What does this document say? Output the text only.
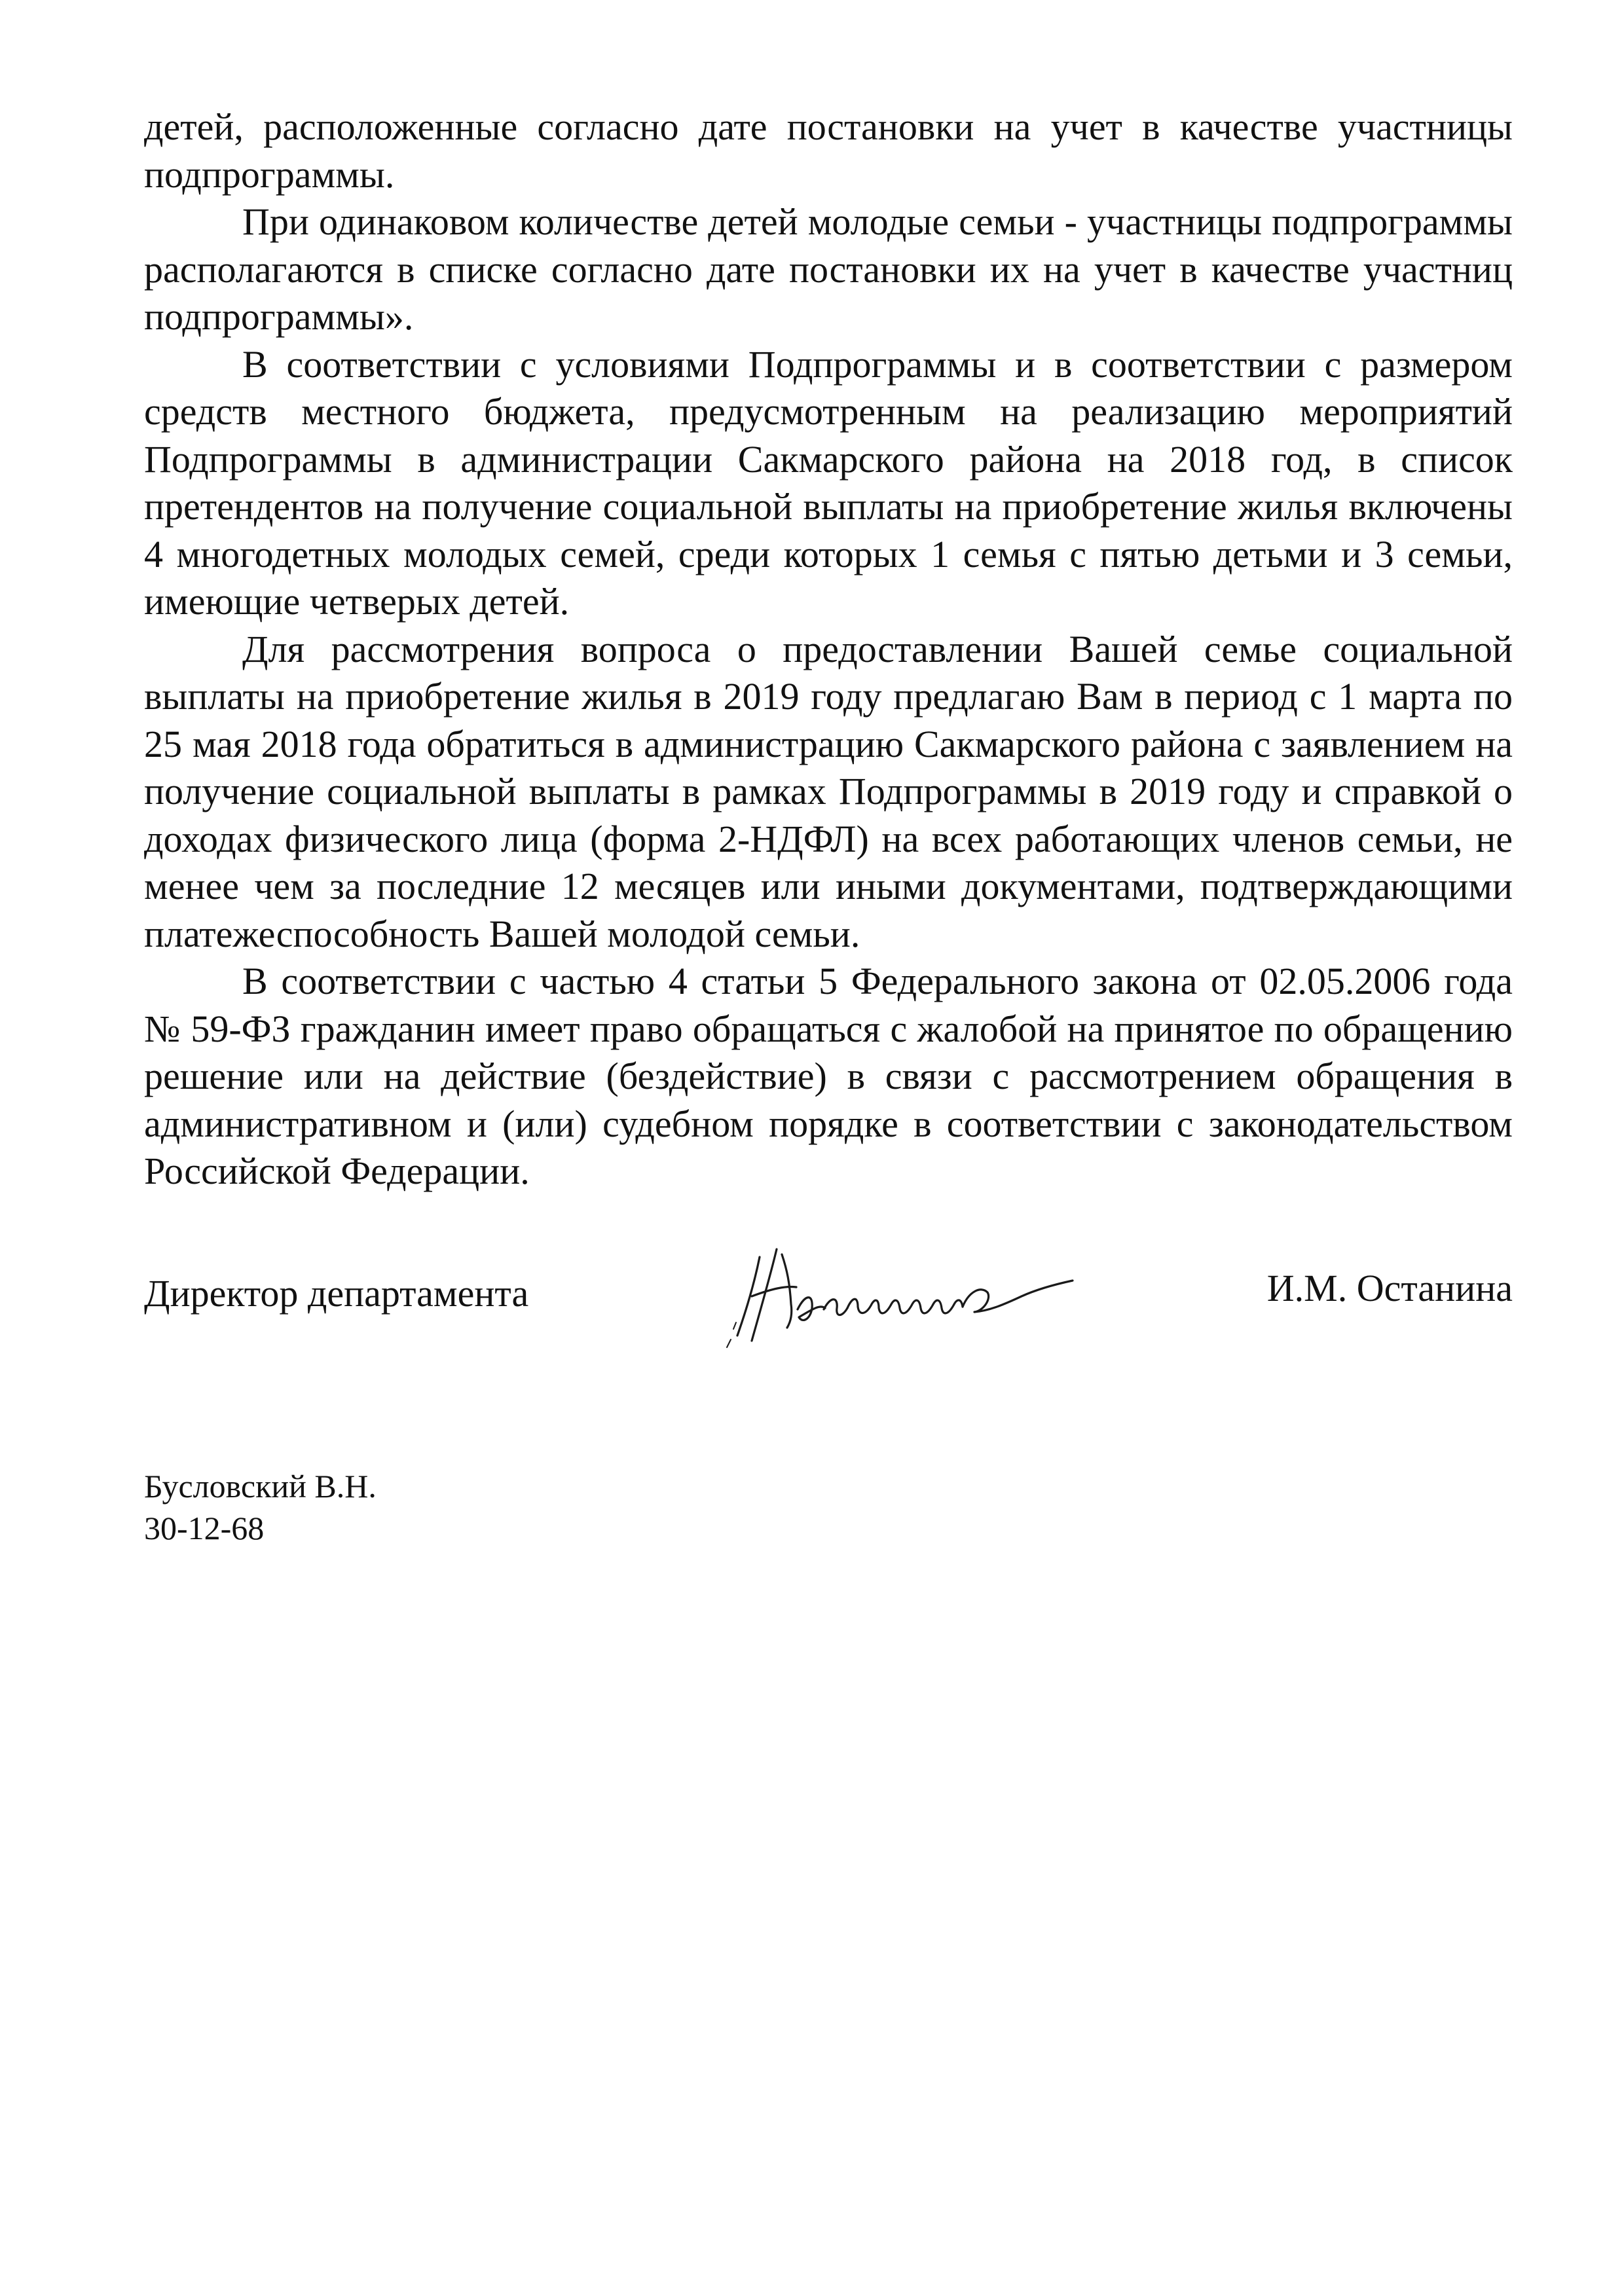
детей, расположенные согласно дате постановки на учет в качестве участницы подпрограммы.

При одинаковом количестве детей молодые семьи - участницы подпрограммы располагаются в списке согласно дате постановки их на учет в качестве участниц подпрограммы».

В соответствии с условиями Подпрограммы и в соответствии с размером средств местного бюджета, предусмотренным на реализацию мероприятий Подпрограммы в администрации Сакмарского района на 2018 год, в список претендентов на получение социальной выплаты на приобретение жилья включены 4 многодетных молодых семей, среди которых 1 семья с пятью детьми и 3 семьи, имеющие четверых детей.

Для рассмотрения вопроса о предоставлении Вашей семье социальной выплаты на приобретение жилья в 2019 году предлагаю Вам в период с 1 марта по 25 мая 2018 года обратиться в администрацию Сакмарского района с заявлением на получение социальной выплаты в рамках Подпрограммы в 2019 году и справкой о доходах физического лица (форма 2-НДФЛ) на всех работающих членов семьи, не менее чем за последние 12 месяцев или иными документами, подтверждающими платежеспособность Вашей молодой семьи.

В соответствии с частью 4 статьи 5 Федерального закона от 02.05.2006 года № 59-ФЗ гражданин имеет право обращаться с жалобой на принятое по обращению решение или на действие (бездействие) в связи с рассмотрением обращения в административном и (или) судебном порядке в соответствии с законодательством Российской Федерации.

Директор департамента	И.М. Останина
Бусловский В.Н.
30-12-68
